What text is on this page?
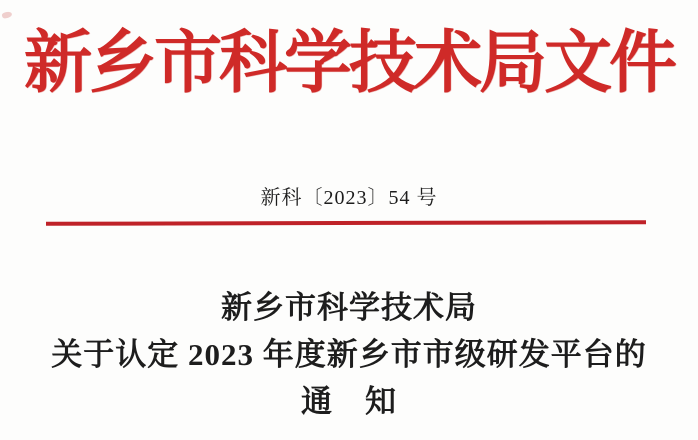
新乡市科学技术局文件
新科〔2023〕54 号
新乡市科学技术局
关于认定 2023 年度新乡市市级研发平台的
通　知
